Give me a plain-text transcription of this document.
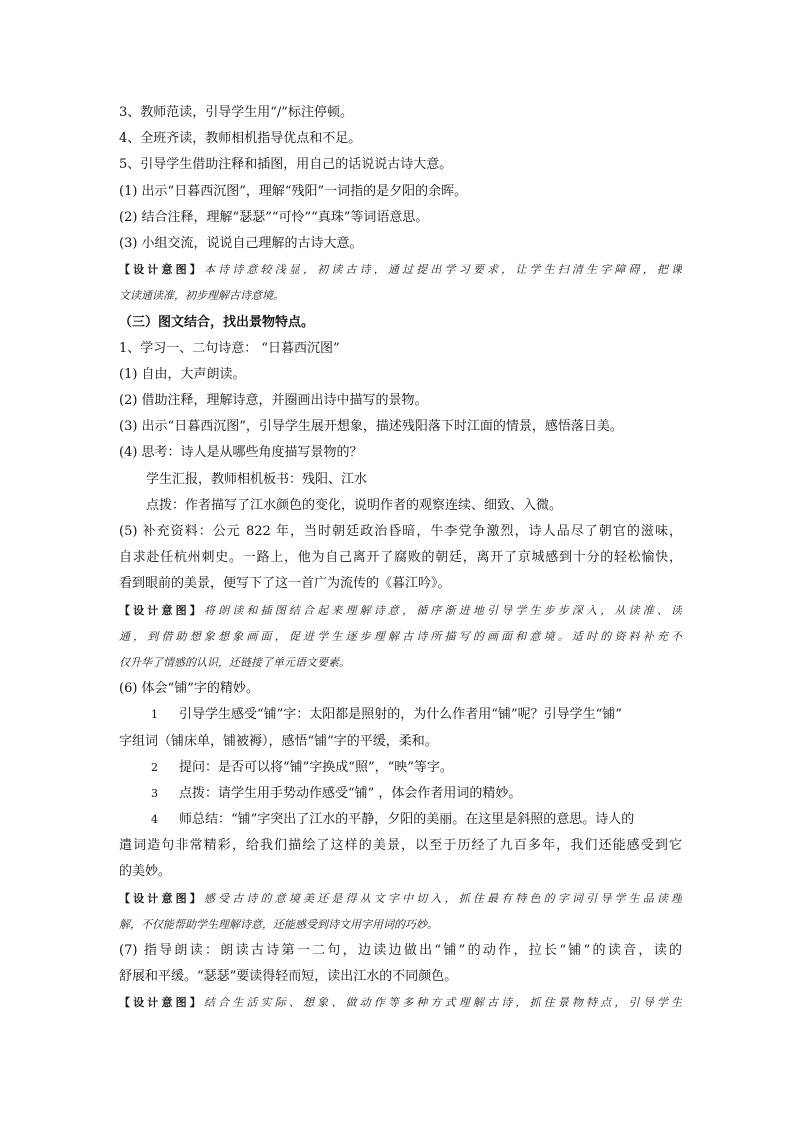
3、教师范读，引导学生用“/”标注停顿。
4、全班齐读，教师相机指导优点和不足。
5、引导学生借助注释和插图，用自己的话说说古诗大意。
(1) 出示“日暮西沉图”，理解“残阳”一词指的是夕阳的余晖。
(2) 结合注释，理解“瑟瑟”“可怜”“真珠”等词语意思。
(3) 小组交流，说说自己理解的古诗大意。
【设计意图】本诗诗意较浅显，初读古诗，通过提出学习要求，让学生扫清生字障碍，把课
文读通读准，初步理解古诗意境。
（三）图文结合，找出景物特点。
1、学习一、二句诗意： “日暮西沉图”
(1) 自由，大声朗读。
(2) 借助注释，理解诗意，并圈画出诗中描写的景物。
(3) 出示“日暮西沉图”，引导学生展开想象，描述残阳落下时江面的情景，感悟落日美。
(4) 思考：诗人是从哪些角度描写景物的？
学生汇报，教师相机板书：残阳、江水
点拨：作者描写了江水颜色的变化，说明作者的观察连续、细致、入微。
(5) 补充资料：公元 822 年，当时朝廷政治昏暗，牛李党争激烈，诗人品尽了朝官的滋味，
自求赴任杭州刺史。一路上，他为自己离开了腐败的朝廷，离开了京城感到十分的轻松愉快，
看到眼前的美景，便写下了这一首广为流传的《暮江吟》。
【设计意图】将朗读和插图结合起来理解诗意，循序渐进地引导学生步步深入，从读准、读
通，到借助想象想象画面，促进学生逐步理解古诗所描写的画面和意境。适时的资料补充不
仅升华了情感的认识，还链接了单元语文要素。
(6) 体会“铺”字的精妙。
1 引导学生感受“铺”字：太阳都是照射的，为什么作者用“铺”呢？引导学生“铺”
字组词（铺床单，铺被褥），感悟“铺”字的平缓，柔和。
2 提问：是否可以将“铺”字换成“照”，“映”等字。
3 点拨：请学生用手势动作感受“铺” ，体会作者用词的精妙。
4 师总结：“铺”字突出了江水的平静，夕阳的美丽。在这里是斜照的意思。诗人的
遣词造句非常精彩，给我们描绘了这样的美景，以至于历经了九百多年，我们还能感受到它
的美妙。
【设计意图】感受古诗的意境美还是得从文字中切入，抓住最有特色的字词引导学生品读理
解，不仅能帮助学生理解诗意，还能感受到诗文用字用词的巧妙。
(7) 指导朗读：朗读古诗第一二句，边读边做出“铺”的动作，拉长“铺”的读音，读的
舒展和平缓。“瑟瑟”要读得轻而短，读出江水的不同颜色。
【设计意图】结合生活实际、想象、做动作等多种方式理解古诗，抓住景物特点，引导学生
